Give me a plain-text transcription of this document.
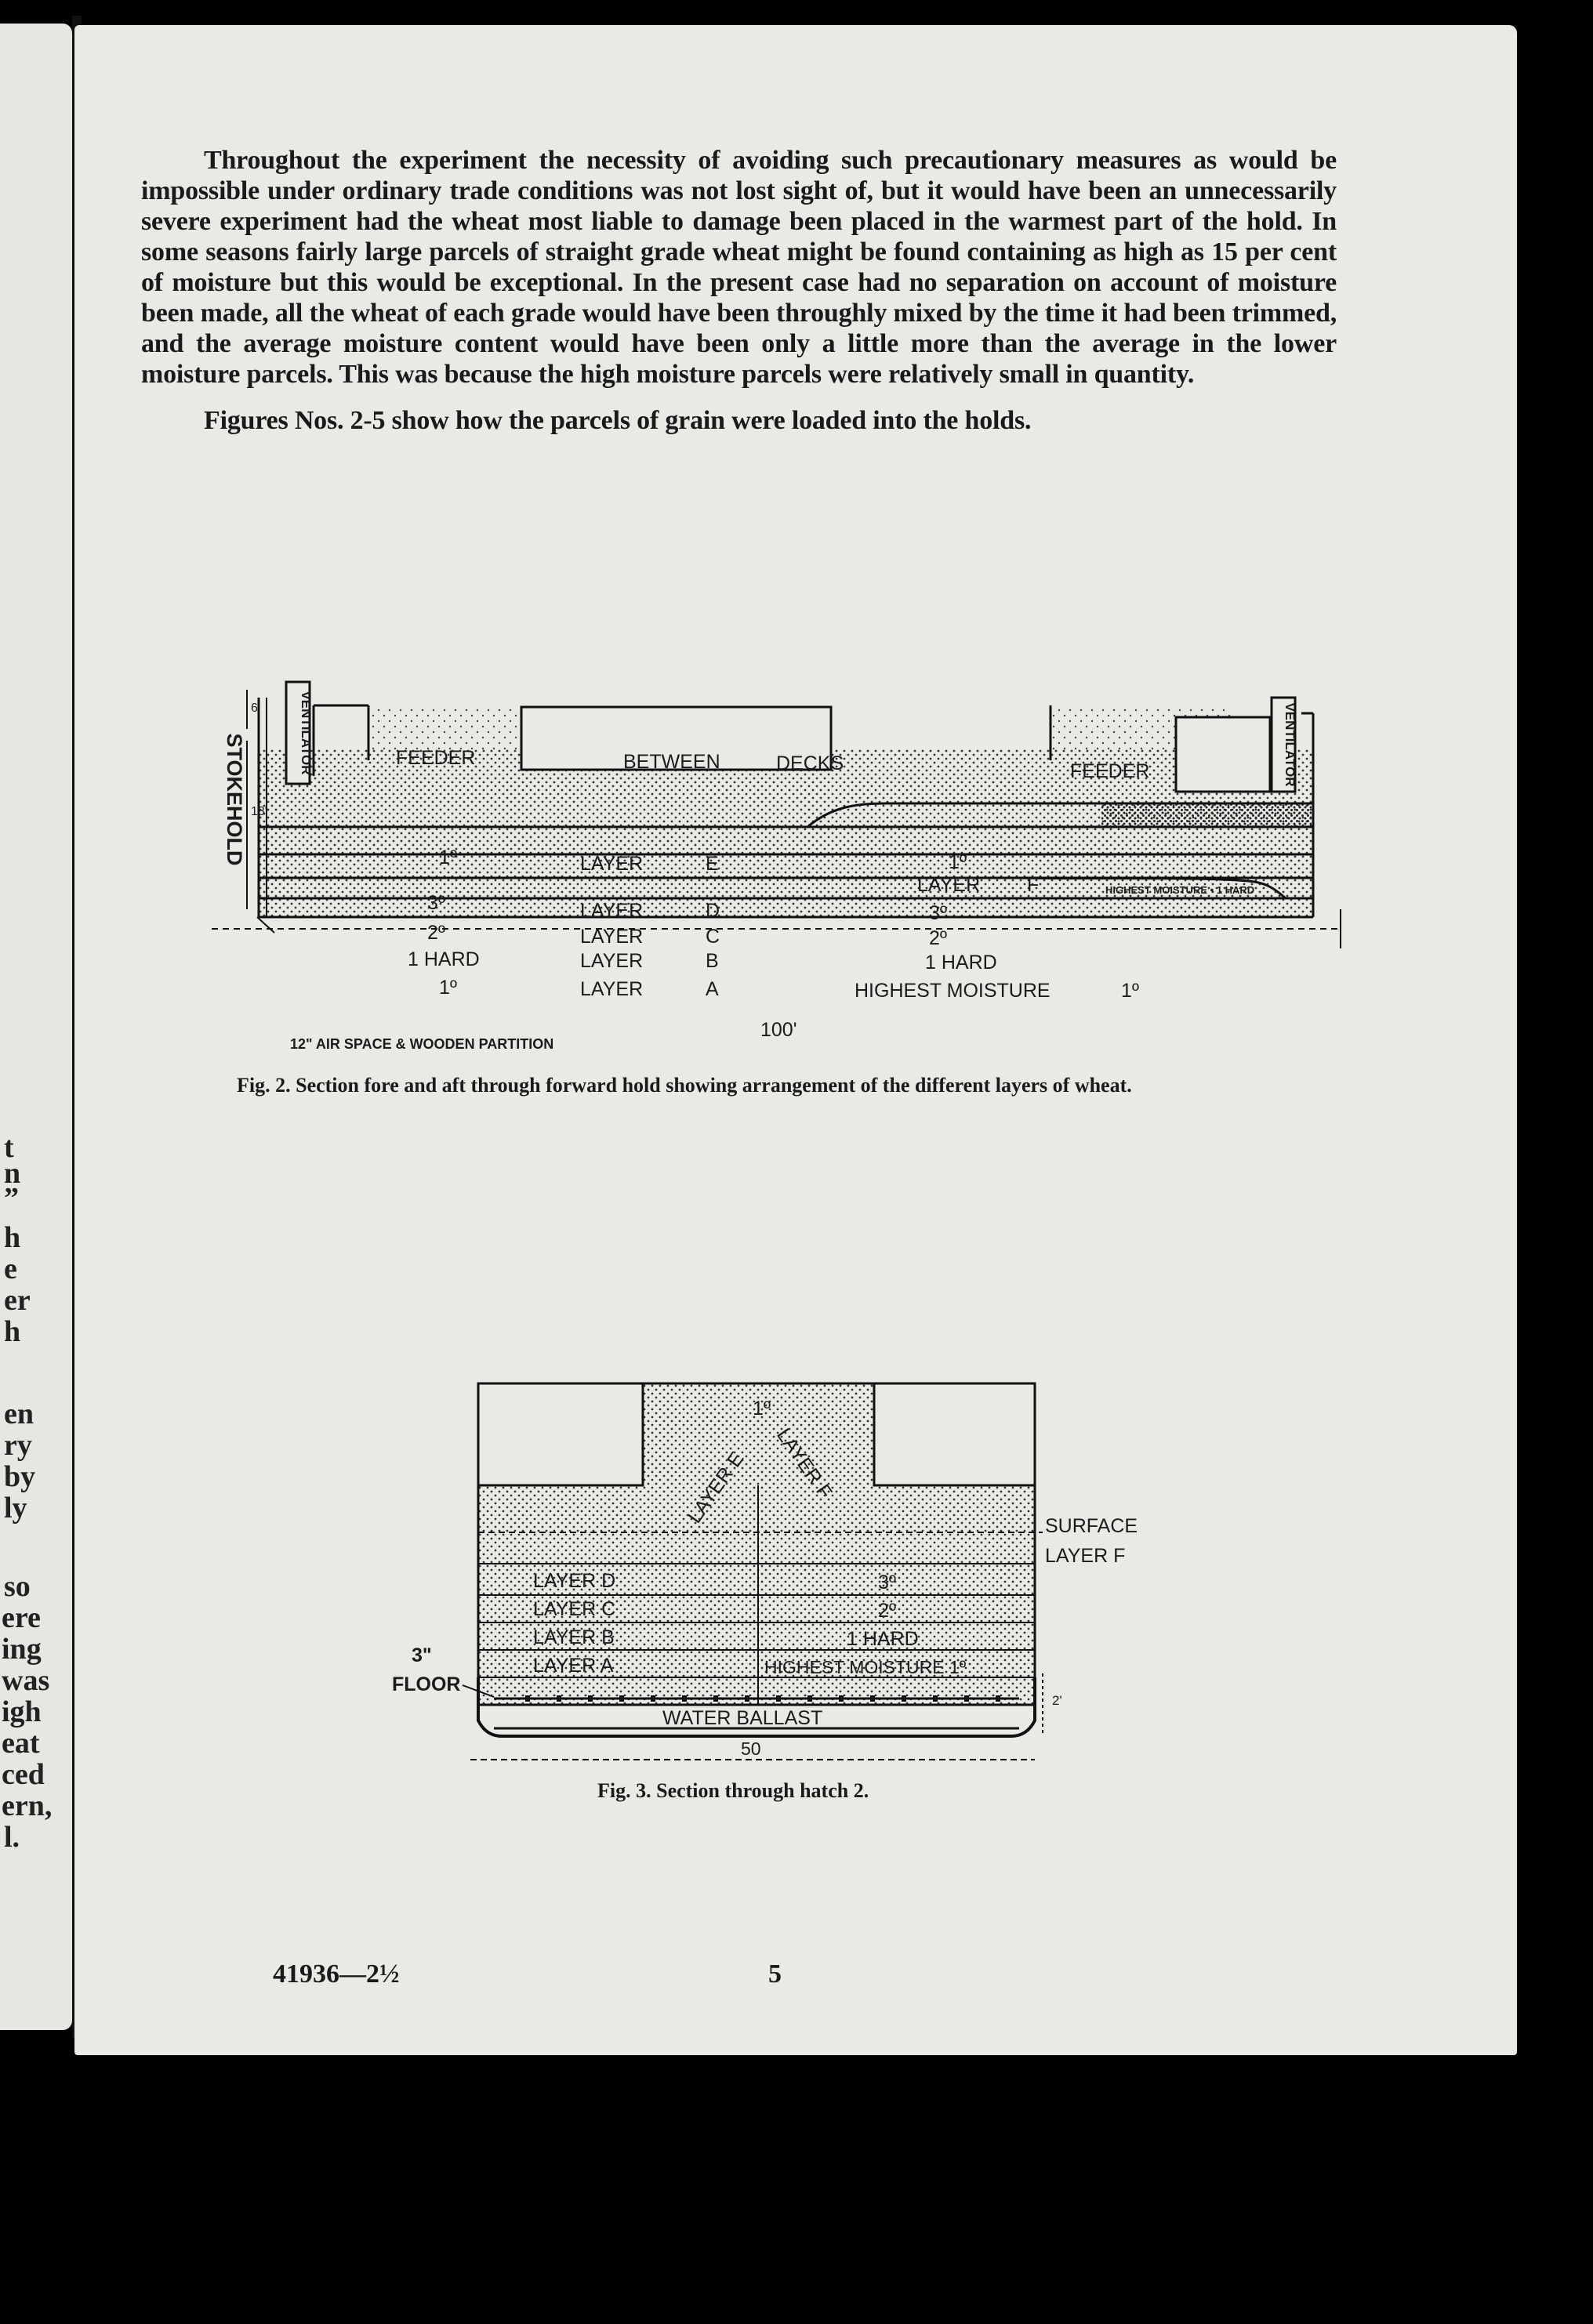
t
n
”
h
e
er
h
en
ry
by
ly
so
ere
ing
was
igh
eat
ced
ern,
l.

Throughout the experiment the necessity of avoiding such precautionary measures as would be impossible under ordinary trade conditions was not lost sight of, but it would have been an unnecessarily severe experiment had the wheat most liable to damage been placed in the warmest part of the hold. In some seasons fairly large parcels of straight grade wheat might be found containing as high as 15 per cent of moisture but this would be exceptional. In the present case had no separation on account of moisture been made, all the wheat of each grade would have been throughly mixed by the time it had been trimmed, and the average moisture content would have been only a little more than the average in the lower moisture parcels. This was because the high moisture parcels were relatively small in quantity.

Figures Nos. 2-5 show how the parcels of grain were loaded into the holds.

VENTILATOR	VENTILATOR
STOKEHOLD
6'
18'
FEEDER	BETWEEN	DECKS	FEEDER
1º	LAYER	E	1º
LAYER F	HIGHEST MOISTURE • 1 HARD
3º	LAYER	D	3º
2º	LAYER	C	2º
1 HARD	LAYER	B	1 HARD
1º	LAYER	A	HIGHEST MOISTURE	1º
12" AIR SPACE & WOODEN PARTITION
100'
Fig. 2. Section fore and aft through forward hold showing arrangement of the different layers of wheat.
1º
LAYER E LAYER F
SURFACE
LAYER F
LAYER D	3º
LAYER C	2º
LAYER B	1 HARD
LAYER A	HIGHEST MOISTURE 1º
WATER BALLAST
50
2'
3"
FLOOR
Fig. 3. Section through hatch 2.
41936—2½	5
